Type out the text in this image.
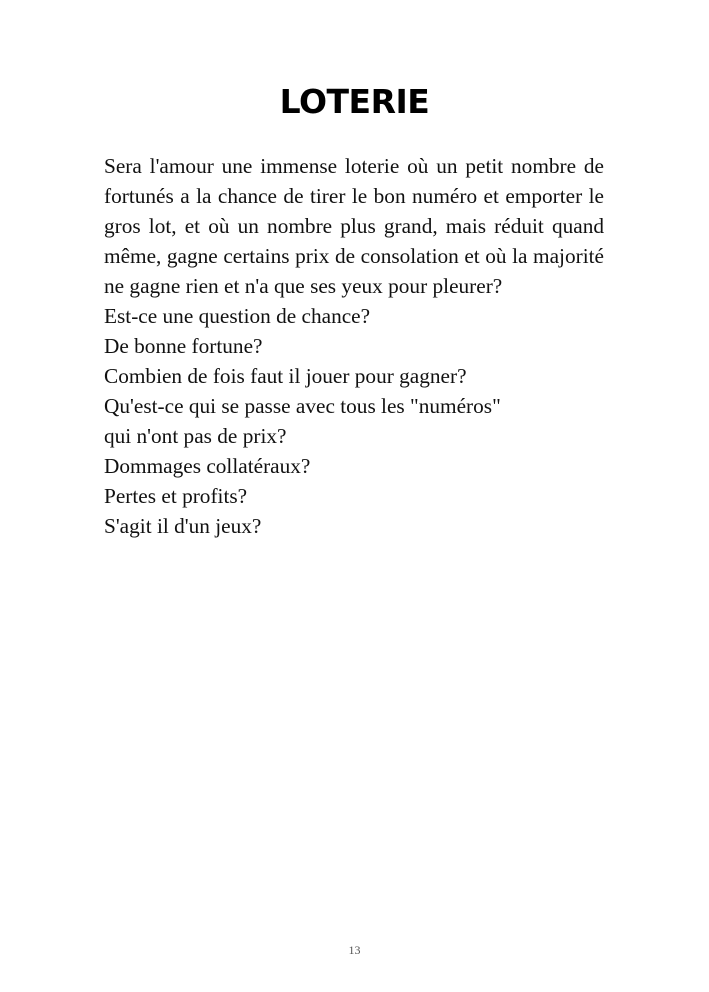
LOTERIE

Sera l'amour une immense loterie où un petit nombre de fortunés a la chance de tirer le bon numéro et emporter le gros lot, et où un nombre plus grand, mais réduit quand même, gagne certains prix de consolation et où la majorité ne gagne rien et n'a que ses yeux pour pleurer?

Est-ce une question de chance?

De bonne fortune?

Combien de fois faut il jouer pour gagner?

Qu'est-ce qui se passe avec tous les "numéros"

qui n'ont pas de prix?

Dommages collatéraux?

Pertes et profits?

S'agit il d'un jeux?

13
